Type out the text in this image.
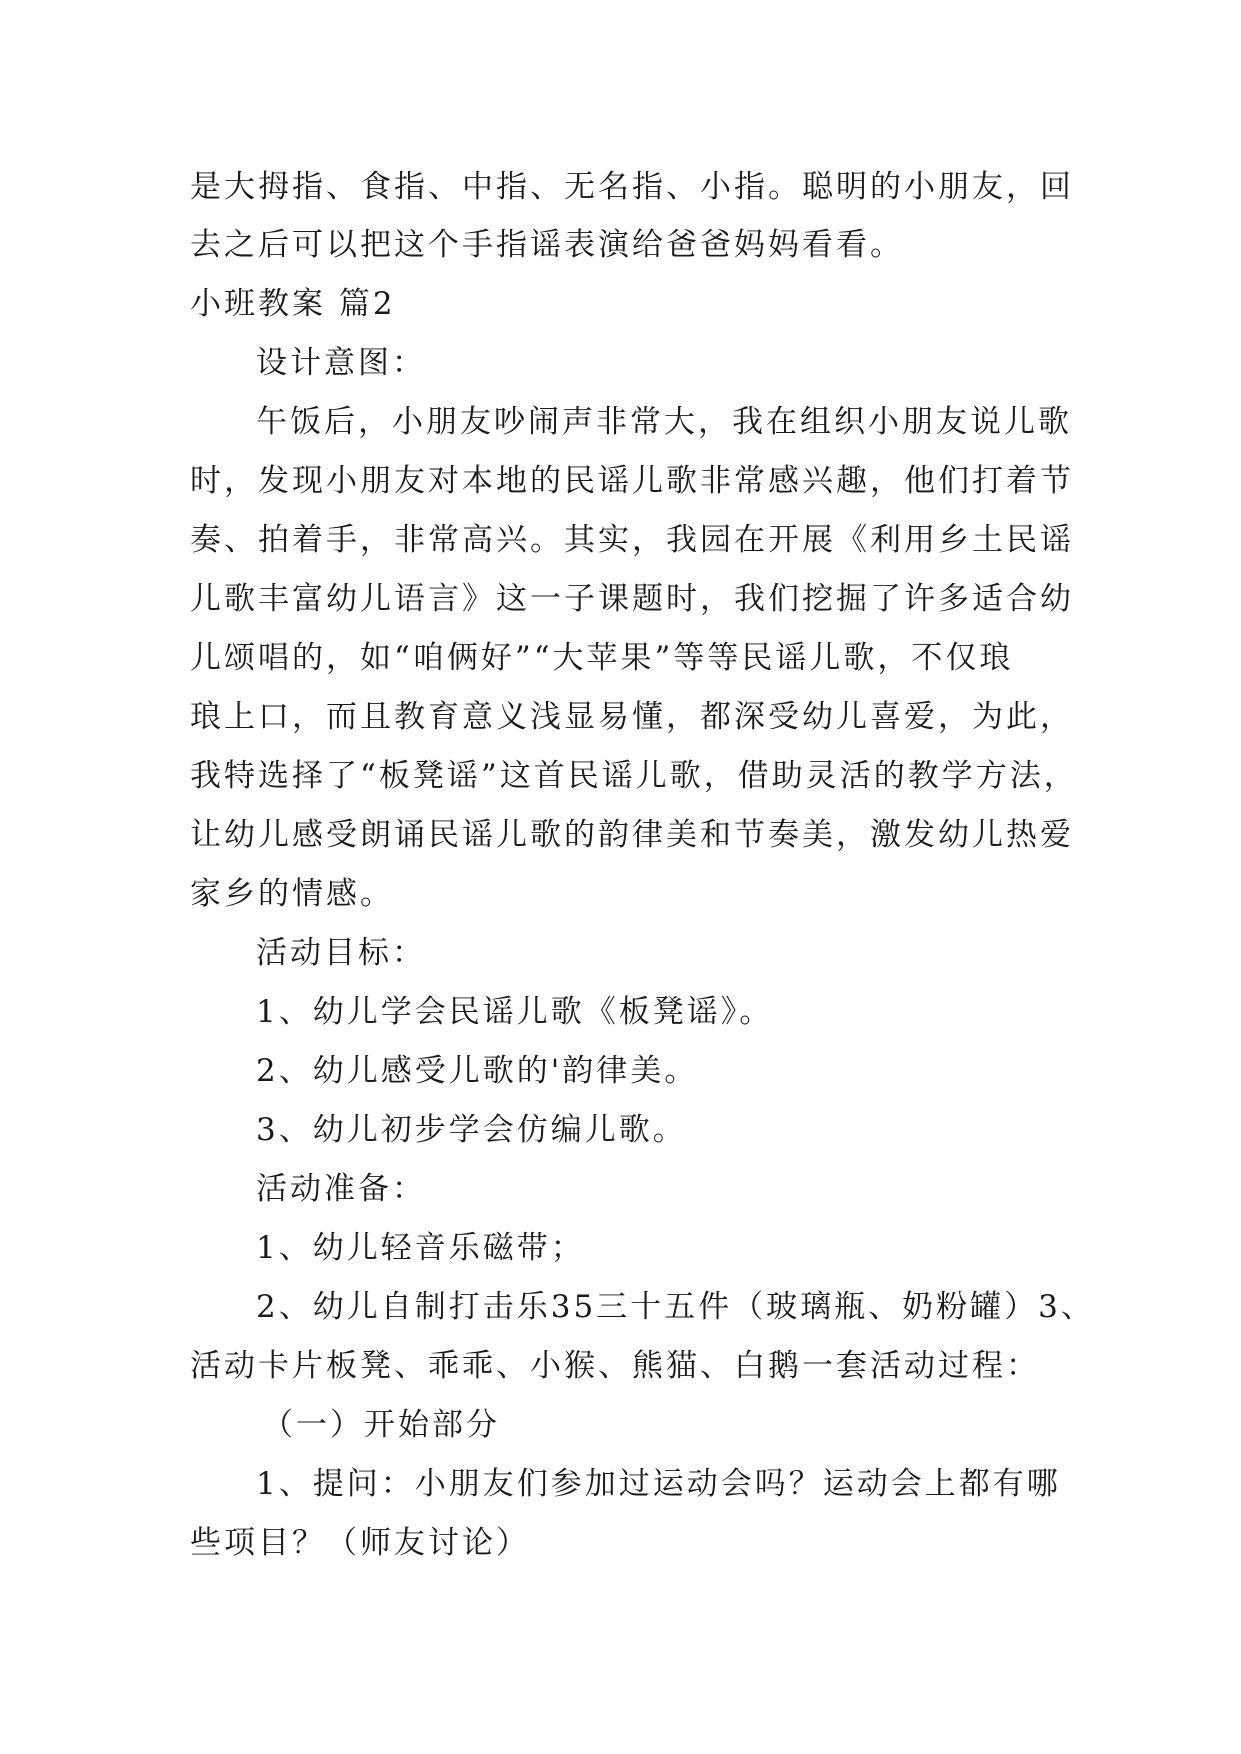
是大拇指、食指、中指、无名指、小指。聪明的小朋友，回
去之后可以把这个手指谣表演给爸爸妈妈看看。
小班教案 篇2
设计意图：
午饭后，小朋友吵闹声非常大，我在组织小朋友说儿歌
时，发现小朋友对本地的民谣儿歌非常感兴趣，他们打着节
奏、拍着手，非常高兴。其实，我园在开展《利用乡土民谣
儿歌丰富幼儿语言》这一子课题时，我们挖掘了许多适合幼
儿颂唱的，如“咱俩好”“大苹果”等等民谣儿歌，不仅琅
琅上口，而且教育意义浅显易懂，都深受幼儿喜爱，为此，
我特选择了“板凳谣”这首民谣儿歌，借助灵活的教学方法，
让幼儿感受朗诵民谣儿歌的韵律美和节奏美，激发幼儿热爱
家乡的情感。
活动目标：
1、幼儿学会民谣儿歌《板凳谣》。
2、幼儿感受儿歌的'韵律美。
3、幼儿初步学会仿编儿歌。
活动准备：
1、幼儿轻音乐磁带；
2、幼儿自制打击乐35三十五件（玻璃瓶、奶粉罐）3、
活动卡片板凳、乖乖、小猴、熊猫、白鹅一套活动过程：
（一）开始部分
1、提问：小朋友们参加过运动会吗？运动会上都有哪
些项目？（师友讨论）
